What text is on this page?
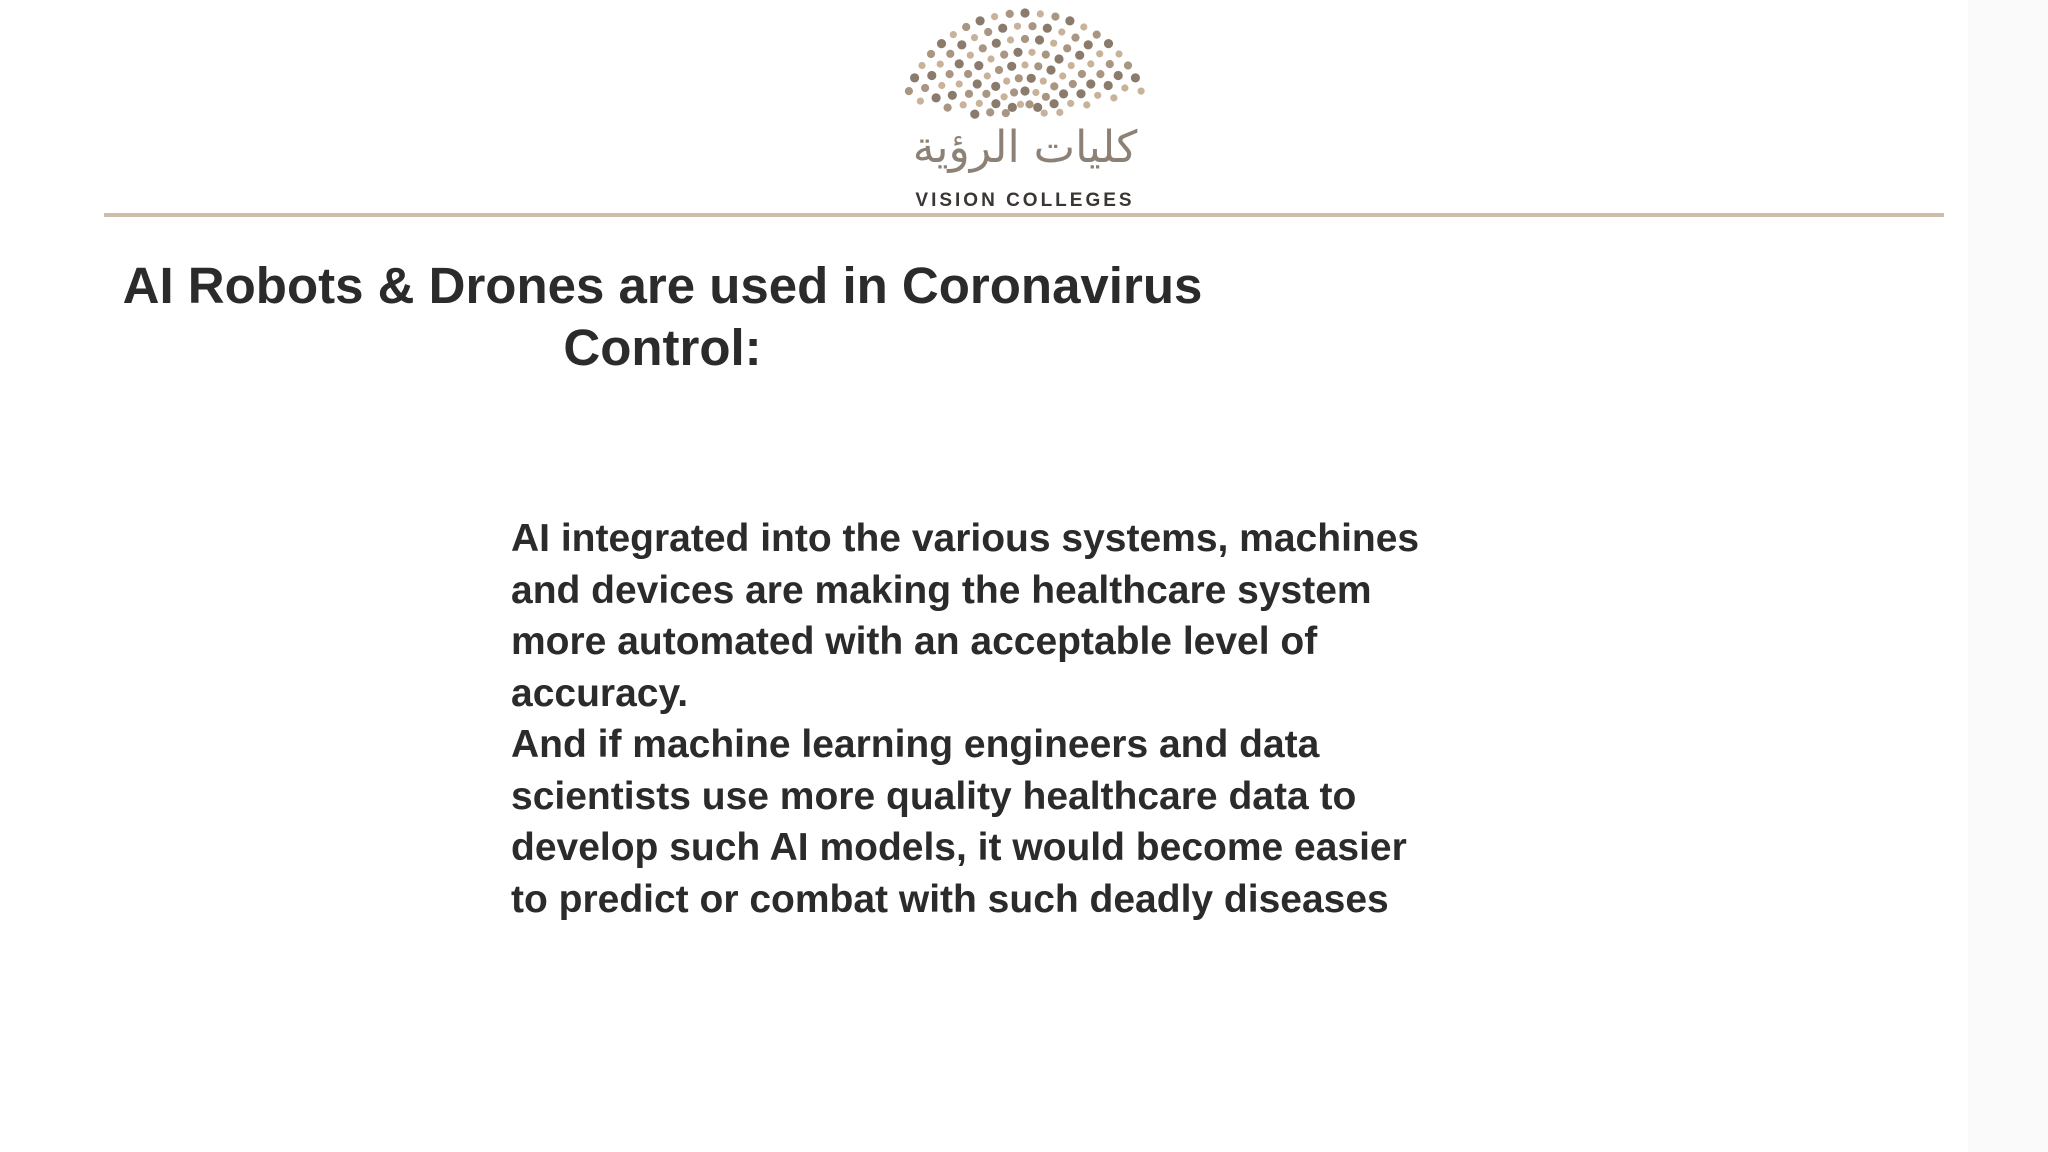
كليات الرؤية
VISION COLLEGES
AI Robots & Drones are used in Coronavirus Control:

AI integrated into the various systems, machines
and devices are making the healthcare system
more automated with an acceptable level of
accuracy.
And if machine learning engineers and data
scientists use more quality healthcare data to
develop such AI models, it would become easier
to predict or combat with such deadly diseases
